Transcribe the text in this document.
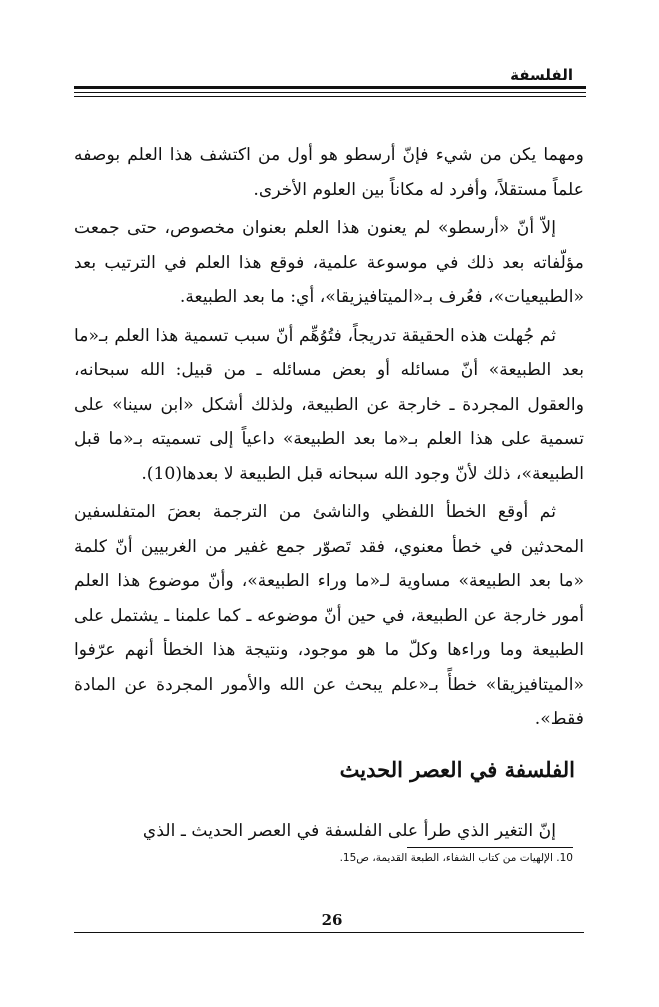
الفلسفة

ومهما يكن من شيء فإنّ أرسطو هو أول من اكتشف هذا العلم بوصفه علماً مستقلاً، وأفرد له مكاناً بين العلوم الأخرى.

إلاّ أنّ «أرسطو» لم يعنون هذا العلم بعنوان مخصوص، حتى جمعت مؤلّفاته بعد ذلك في موسوعة علمية، فوقع هذا العلم في الترتيب بعد «الطبيعيات»، فعُرف بـ«الميتافيزيقا»، أي: ما بعد الطبيعة.

ثم جُهلت هذه الحقيقة تدريجاً، فتُوُهِّم أنّ سبب تسمية هذا العلم بـ«ما بعد الطبيعة» أنّ مسائله أو بعض مسائله ـ من قبيل: الله سبحانه، والعقول المجردة ـ خارجة عن الطبيعة، ولذلك أشكل «ابن سينا» على تسمية على هذا العلم بـ«ما بعد الطبيعة» داعياً إلى تسميته بـ«ما قبل الطبيعة»، ذلك لأنّ وجود الله سبحانه قبل الطبيعة لا بعدها(10).

ثم أوقع الخطأ اللفظي والناشئ من الترجمة بعضَ المتفلسفين المحدثين في خطأ معنوي، فقد تَصوّر جمع غفير من الغربيين أنّ كلمة «ما بعد الطبيعة» مساوية لـ«ما وراء الطبيعة»، وأنّ موضوع هذا العلم أمور خارجة عن الطبيعة، في حين أنّ موضوعه ـ كما علمنا ـ يشتمل على الطبيعة وما وراءها وكلّ ما هو موجود، ونتيجة هذا الخطأ أنهم عرّفوا «الميتافيزيقا» خطأً بـ«علم يبحث عن الله والأمور المجردة عن المادة فقط».

الفلسفة في العصر الحديث

إنّ التغير الذي طرأ على الفلسفة في العصر الحديث ـ الذي

10. الإلهيات من كتاب الشفاء، الطبعة القديمة، ص15.
26
